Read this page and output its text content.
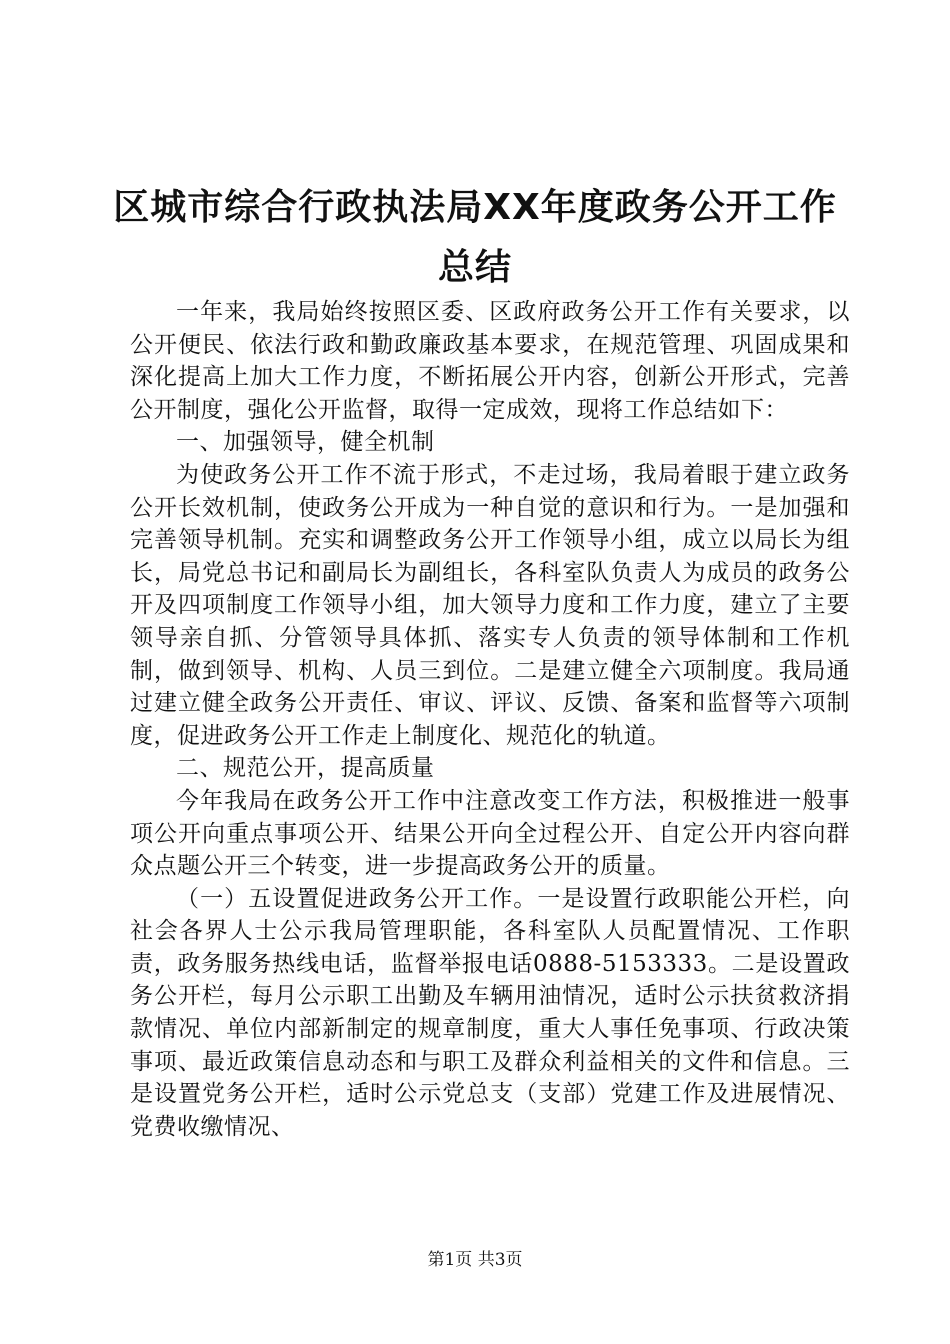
区城市综合行政执法局XX年度政务公开工作
总结

一年来，我局始终按照区委、区政府政务公开工作有关要求，以公开便民、依法行政和勤政廉政基本要求，在规范管理、巩固成果和深化提高上加大工作力度，不断拓展公开内容，创新公开形式，完善公开制度，强化公开监督，取得一定成效，现将工作总结如下：

一、加强领导，健全机制

为使政务公开工作不流于形式，不走过场，我局着眼于建立政务公开长效机制，使政务公开成为一种自觉的意识和行为。一是加强和完善领导机制。充实和调整政务公开工作领导小组，成立以局长为组长，局党总书记和副局长为副组长，各科室队负责人为成员的政务公开及四项制度工作领导小组，加大领导力度和工作力度，建立了主要领导亲自抓、分管领导具体抓、落实专人负责的领导体制和工作机制，做到领导、机构、人员三到位。二是建立健全六项制度。我局通过建立健全政务公开责任、审议、评议、反馈、备案和监督等六项制度，促进政务公开工作走上制度化、规范化的轨道。

二、规范公开，提高质量

今年我局在政务公开工作中注意改变工作方法，积极推进一般事项公开向重点事项公开、结果公开向全过程公开、自定公开内容向群众点题公开三个转变，进一步提高政务公开的质量。

（一）五设置促进政务公开工作。一是设置行政职能公开栏，向社会各界人士公示我局管理职能，各科室队人员配置情况、工作职责，政务服务热线电话，监督举报电话0888-5153333。二是设置政务公开栏，每月公示职工出勤及车辆用油情况，适时公示扶贫救济捐款情况、单位内部新制定的规章制度，重大人事任免事项、行政决策事项、最近政策信息动态和与职工及群众利益相关的文件和信息。三是设置党务公开栏，适时公示党总支（支部）党建工作及进展情况、党费收缴情况、

第1页 共3页
